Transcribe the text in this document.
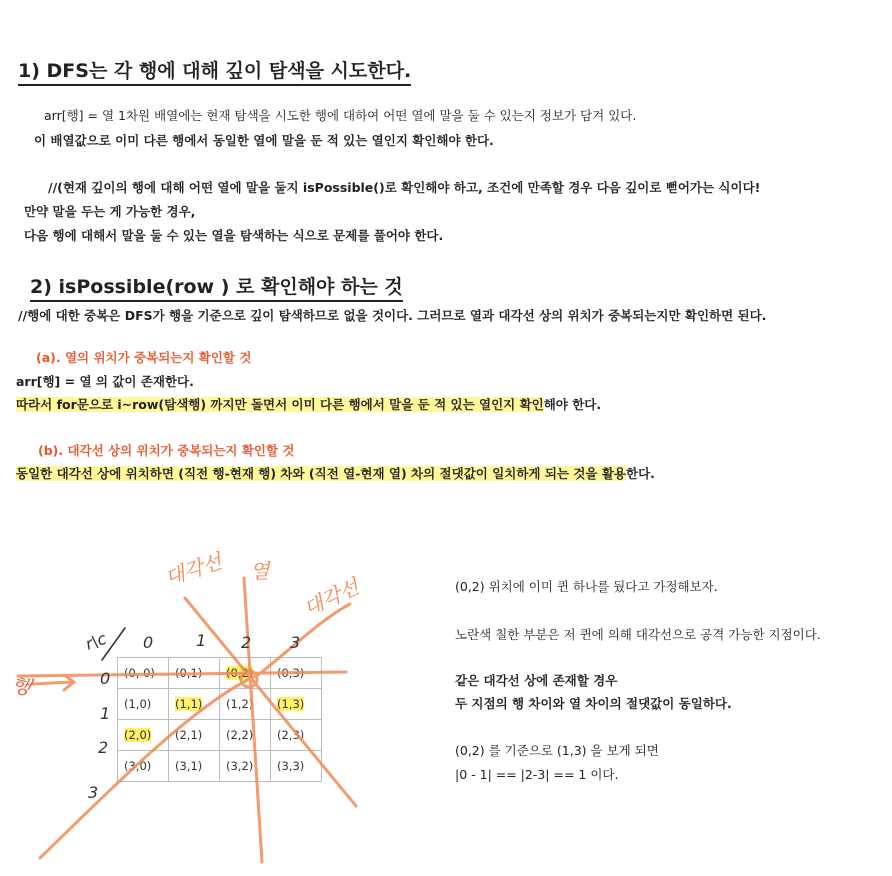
1) DFS는 각 행에 대해 깊이 탐색을 시도한다.
arr[행] = 열 1차원 배열에는 현재 탐색을 시도한 행에 대하여 어떤 열에 말을 둘 수 있는지 정보가 담겨 있다.
이 배열값으로 이미 다른 행에서 동일한 열에 말을 둔 적 있는 열인지 확인해야 한다.
//(현재 깊이의 행에 대해 어떤 열에 말을 둘지 isPossible()로 확인해야 하고, 조건에 만족할 경우 다음 깊이로 뻗어가는 식이다!
만약 말을 두는 게 가능한 경우,
다음 행에 대해서 말을 둘 수 있는 열을 탐색하는 식으로 문제를 풀어야 한다.
2) isPossible(row ) 로 확인해야 하는 것
//행에 대한 중복은 DFS가 행을 기준으로 깊이 탐색하므로 없을 것이다. 그러므로 열과 대각선 상의 위치가 중복되는지만 확인하면 된다.
(a). 열의 위치가 중복되는지 확인할 것
arr[행] = 열 의 값이 존재한다.
따라서 for문으로 i~row(탐색행) 까지만 돌면서 이미 다른 행에서 말을 둔 적 있는 열인지 확인해야 한다.
(b). 대각선 상의 위치가 중복되는지 확인할 것
동일한 대각선 상에 위치하면 (직전 행-현재 행) 차와 (직전 열-현재 열) 차의 절댓값이 일치하게 되는 것을 활용한다.
(0, 0)	(0,1)	(0,2)	(0,3)
(1,0)	(1,1)	(1,2)	(1,3)
(2,0)	(2,1)	(2,2)	(2,3)
(3,0)	(3,1)	(3,2)	(3,3)
대각선 열
대각선
행
r\c 0	1 2 3
0
1
2
3
(0,2) 위치에 이미 퀸 하나를 뒀다고 가정해보자.
노란색 칠한 부분은 저 퀸에 의해 대각선으로 공격 가능한 지점이다.
같은 대각선 상에 존재할 경우
두 지점의 행 차이와 열 차이의 절댓값이 동일하다.
(0,2) 를 기준으로 (1,3) 을 보게 되면
|0 - 1| == |2-3| == 1 이다.
